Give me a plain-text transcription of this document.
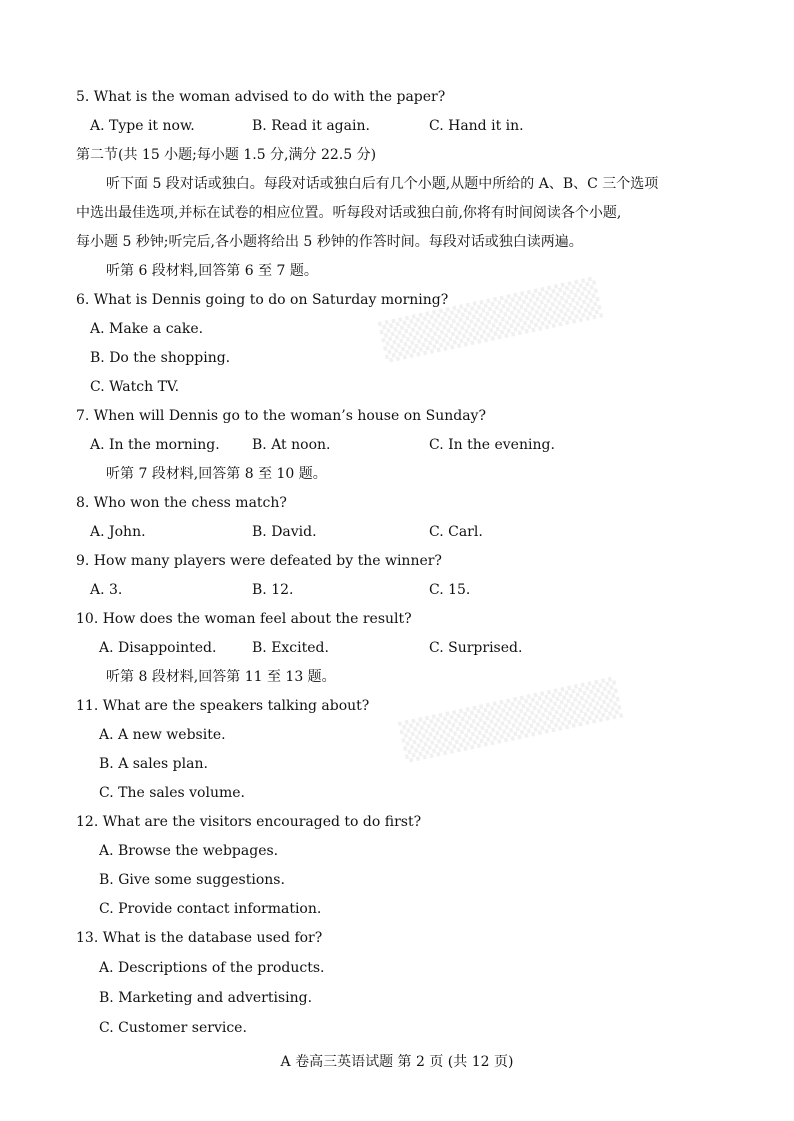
▒▒▒▒▒▒▒▒
▒▒▒▒▒▒▒▒
5. What is the woman advised to do with the paper?
A. Type it now.	B. Read it again.	C. Hand it in.
第二节(共 15 小题;每小题 1.5 分,满分 22.5 分)
听下面 5 段对话或独白。每段对话或独白后有几个小题,从题中所给的 A、B、C 三个选项
中选出最佳选项,并标在试卷的相应位置。听每段对话或独白前,你将有时间阅读各个小题,
每小题 5 秒钟;听完后,各小题将给出 5 秒钟的作答时间。每段对话或独白读两遍。
听第 6 段材料,回答第 6 至 7 题。
6. What is Dennis going to do on Saturday morning?
A. Make a cake.
B. Do the shopping.
C. Watch TV.
7. When will Dennis go to the woman’s house on Sunday?
A. In the morning. B. At noon.	C. In the evening.
听第 7 段材料,回答第 8 至 10 题。
8. Who won the chess match?
A. John.	B. David.	C. Carl.
9. How many players were defeated by the winner?
A. 3.	B. 12.	C. 15.
10. How does the woman feel about the result?
A. Disappointed.	B. Excited.	C. Surprised.
听第 8 段材料,回答第 11 至 13 题。
11. What are the speakers talking about?
A. A new website.
B. A sales plan.
C. The sales volume.
12. What are the visitors encouraged to do first?
A. Browse the webpages.
B. Give some suggestions.
C. Provide contact information.
13. What is the database used for?
A. Descriptions of the products.
B. Marketing and advertising.
C. Customer service.
A 卷高三英语试题 第 2 页 (共 12 页)
